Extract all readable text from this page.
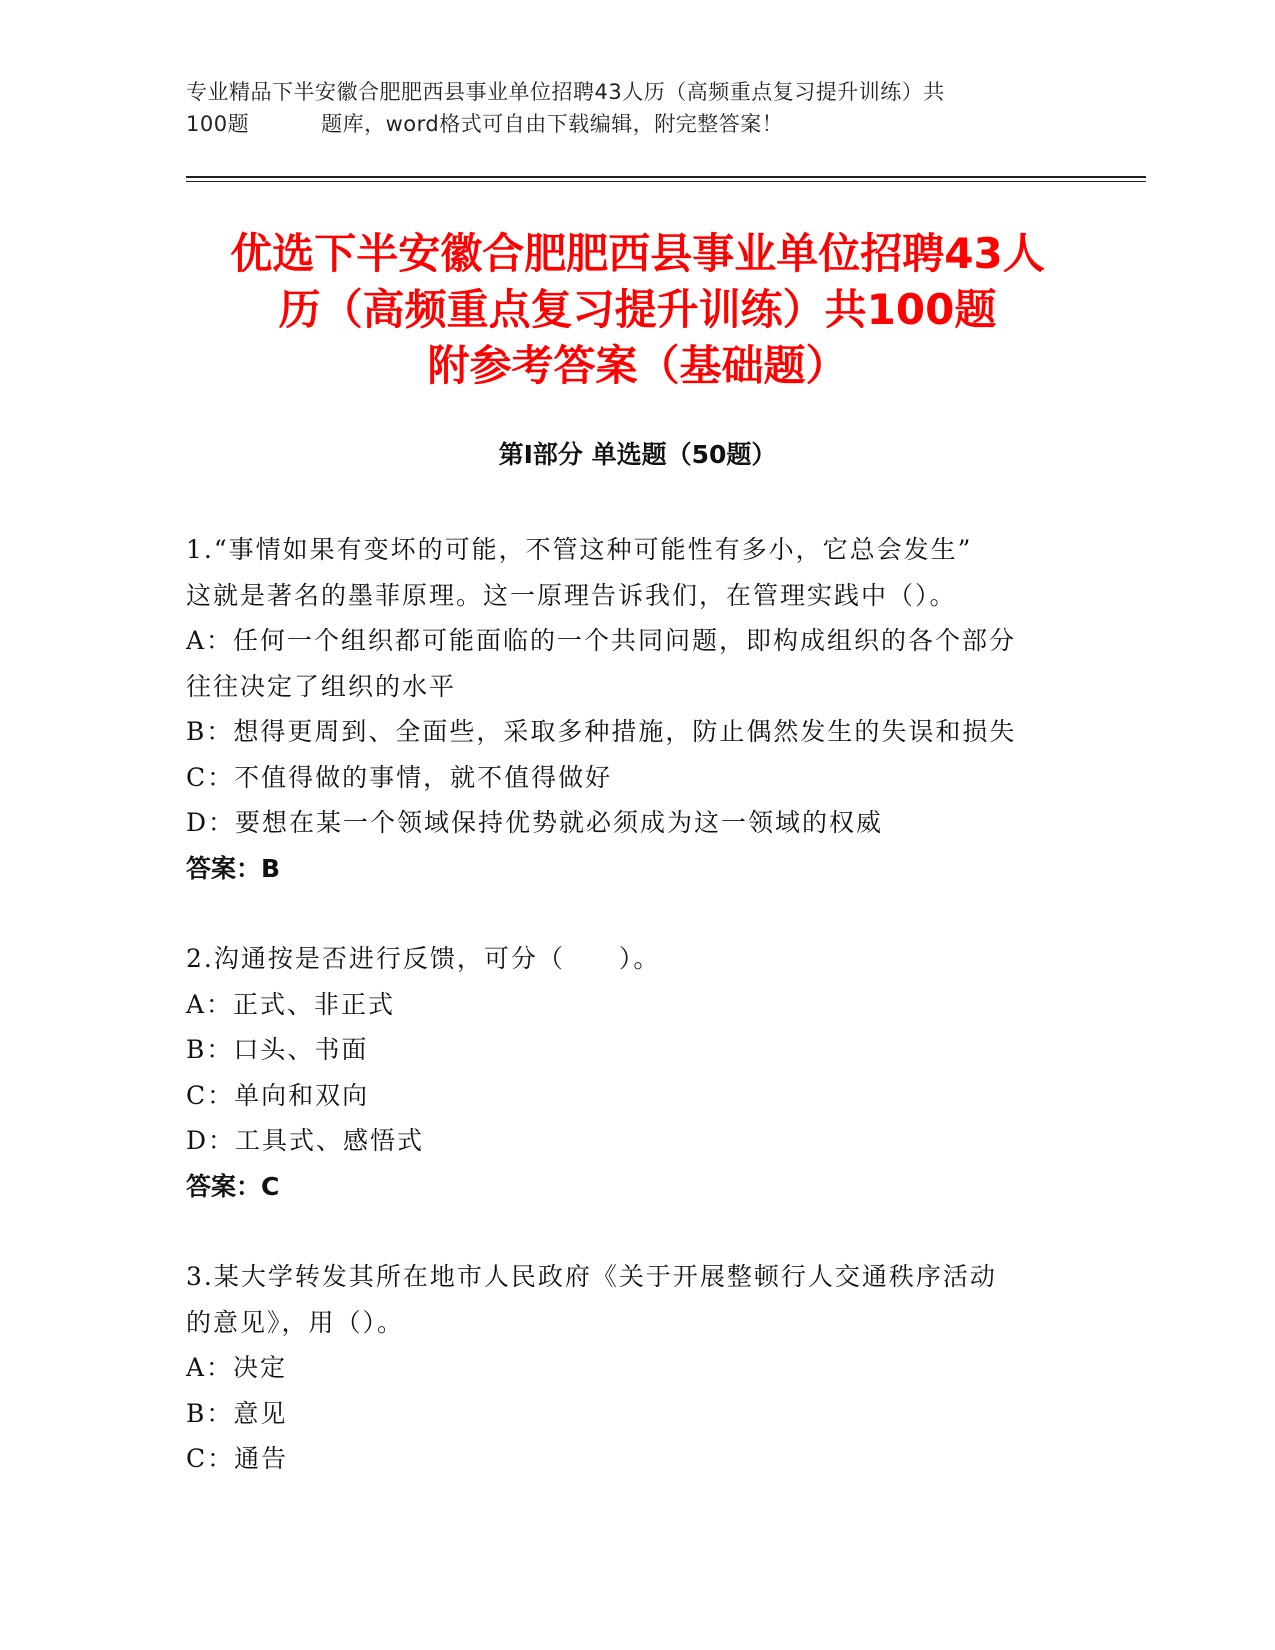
专业精品下半安徽合肥肥西县事业单位招聘43人历（高频重点复习提升训练）共
100题	题库，word格式可自由下载编辑，附完整答案！
优选下半安徽合肥肥西县事业单位招聘43人
历（高频重点复习提升训练）共100题
附参考答案（基础题）
第Ⅰ部分 单选题（50题）
1.“事情如果有变坏的可能，不管这种可能性有多小，它总会发生”
这就是著名的墨菲原理。这一原理告诉我们，在管理实践中（）。
A：任何一个组织都可能面临的一个共同问题，即构成组织的各个部分
往往决定了组织的水平
B：想得更周到、全面些，采取多种措施，防止偶然发生的失误和损失
C：不值得做的事情，就不值得做好
D：要想在某一个领域保持优势就必须成为这一领域的权威
答案：B
2.沟通按是否进行反馈，可分（　　）。
A：正式、非正式
B：口头、书面
C：单向和双向
D：工具式、感悟式
答案：C
3.某大学转发其所在地市人民政府《关于开展整顿行人交通秩序活动
的意见》，用（）。
A：决定
B：意见
C：通告
